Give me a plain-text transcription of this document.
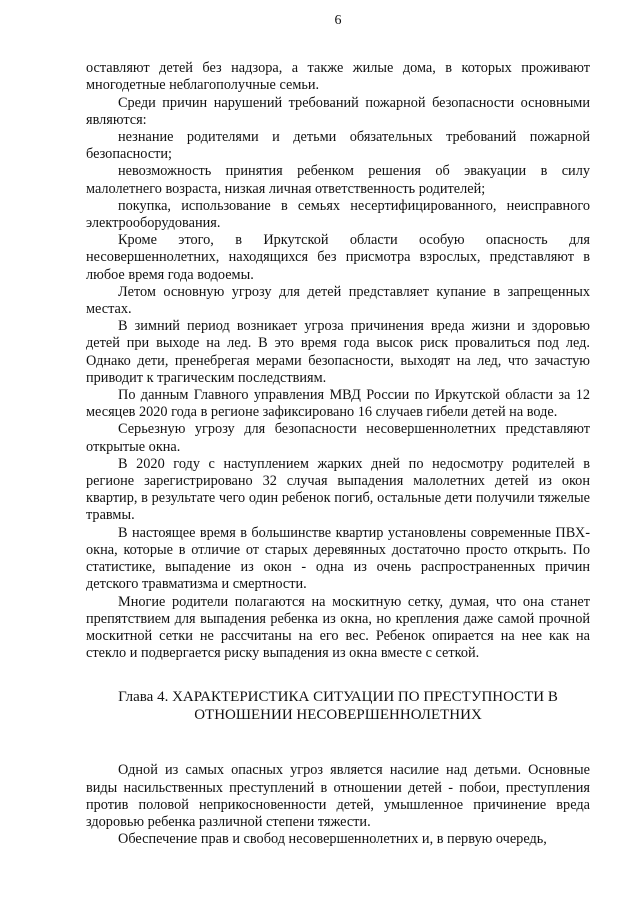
6

оставляют детей без надзора, а также жилые дома, в которых проживают многодетные неблагополучные семьи.

Среди причин нарушений требований пожарной безопасности основными являются:

незнание родителями и детьми обязательных требований пожарной безопасности;

невозможность принятия ребенком решения об эвакуации в силу малолетнего возраста, низкая личная ответственность родителей;

покупка, использование в семьях несертифицированного, неисправного электрооборудования.

Кроме этого, в Иркутской области особую опасность для несовершеннолетних, находящихся без присмотра взрослых, представляют в любое время года водоемы.

Летом основную угрозу для детей представляет купание в запрещенных местах.

В зимний период возникает угроза причинения вреда жизни и здоровью детей при выходе на лед. В это время года высок риск провалиться под лед. Однако дети, пренебрегая мерами безопасности, выходят на лед, что зачастую приводит к трагическим последствиям.

По данным Главного управления МВД России по Иркутской области за 12 месяцев 2020 года в регионе зафиксировано 16 случаев гибели детей на воде.

Серьезную угрозу для безопасности несовершеннолетних представляют открытые окна.

В 2020 году с наступлением жарких дней по недосмотру родителей в регионе зарегистрировано 32 случая выпадения малолетних детей из окон квартир, в результате чего один ребенок погиб, остальные дети получили тяжелые травмы.

В настоящее время в большинстве квартир установлены современные ПВХ-окна, которые в отличие от старых деревянных достаточно просто открыть. По статистике, выпадение из окон - одна из очень распространенных причин детского травматизма и смертности.

Многие родители полагаются на москитную сетку, думая, что она станет препятствием для выпадения ребенка из окна, но крепления даже самой прочной москитной сетки не рассчитаны на его вес. Ребенок опирается на нее как на стекло и подвергается риску выпадения из окна вместе с сеткой.

Глава 4. ХАРАКТЕРИСТИКА СИТУАЦИИ ПО ПРЕСТУПНОСТИ В
ОТНОШЕНИИ НЕСОВЕРШЕННОЛЕТНИХ

Одной из самых опасных угроз является насилие над детьми. Основные виды насильственных преступлений в отношении детей - побои, преступления против половой неприкосновенности детей, умышленное причинение вреда здоровью ребенка различной степени тяжести.

Обеспечение прав и свобод несовершеннолетних и, в первую очередь,
